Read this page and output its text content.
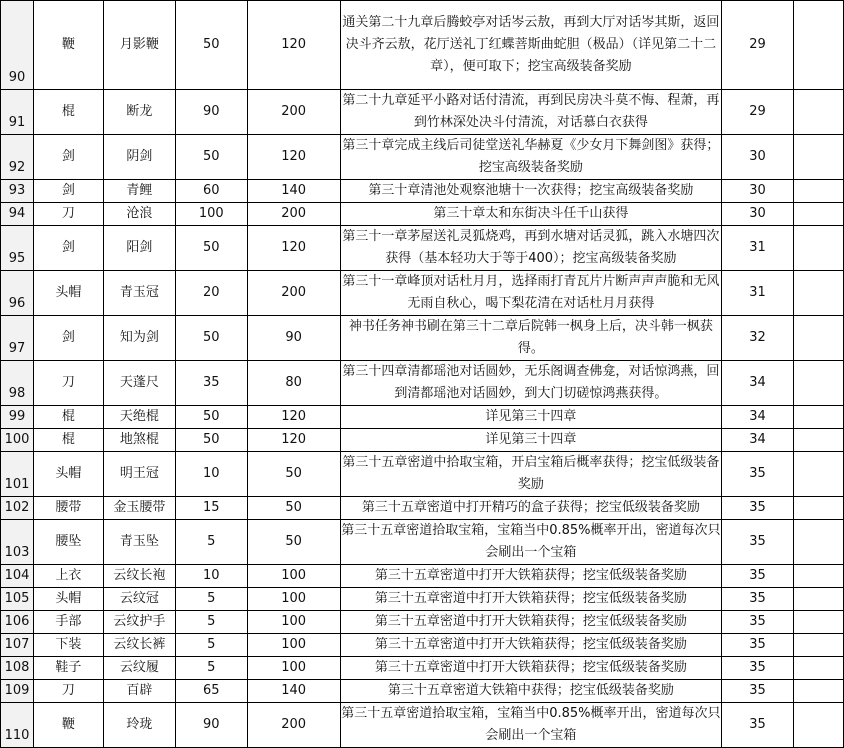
90	鞭	月影鞭	50	120	通关第二十九章后腾蛟亭对话岑云敖，再到大厅对话岑其斯，返回决斗齐云敖，花厅送礼丁红蝶菩斯曲蛇胆（极品）（详见第二十二章），便可取下；挖宝高级装备奖励	29	
91	棍	断龙	90	200	第二十九章延平小路对话付清流，再到民房决斗莫不悔、程萧，再到竹林深处决斗付清流，对话慕白衣获得	29	
92	剑	阴剑	50	120	第三十章完成主线后司徒堂送礼华赫夏《少女月下舞剑图》获得；挖宝高级装备奖励	30	
93	剑	青鲤	60	140	第三十章清池处观察池塘十一次获得；挖宝高级装备奖励	30	
94	刀	沧浪	100	200	第三十章太和东街决斗任千山获得	30	
95	剑	阳剑	50	120	第三十一章茅屋送礼灵狐烧鸡，再到水塘对话灵狐，跳入水塘四次获得（基本轻功大于等于400）；挖宝高级装备奖励	31	
96	头帽	青玉冠	20	200	第三十一章峰顶对话杜月月，选择雨打青瓦片片断声声声脆和无风无雨自秋心，喝下梨花清在对话杜月月获得	31	
97	剑	知为剑	50	90	神书任务神书刷在第三十二章后院韩一枫身上后，决斗韩一枫获得。	32	
98	刀	天蓬尺	35	80	第三十四章清都瑶池对话圆妙，无乐阁调查佛龛，对话惊鸿燕，回到清都瑶池对话圆妙，到大门切磋惊鸿燕获得。	34	
99	棍	天绝棍	50	120	详见第三十四章	34	
100	棍	地煞棍	50	120	详见第三十四章	34	
101	头帽	明王冠	10	50	第三十五章密道中拾取宝箱，开启宝箱后概率获得；挖宝低级装备奖励	35	
102	腰带	金玉腰带	15	50	第三十五章密道中打开精巧的盒子获得；挖宝低级装备奖励	35	
103	腰坠	青玉坠	5	50	第三十五章密道拾取宝箱，宝箱当中0.85%概率开出，密道每次只会刷出一个宝箱	35	
104	上衣	云纹长袍	10	100	第三十五章密道中打开大铁箱获得；挖宝低级装备奖励	35	
105	头帽	云纹冠	5	100	第三十五章密道中打开大铁箱获得；挖宝低级装备奖励	35	
106	手部	云纹护手	5	100	第三十五章密道中打开大铁箱获得；挖宝低级装备奖励	35	
107	下装	云纹长裤	5	100	第三十五章密道中打开大铁箱获得；挖宝低级装备奖励	35	
108	鞋子	云纹履	5	100	第三十五章密道中打开大铁箱获得；挖宝低级装备奖励	35	
109	刀	百辟	65	140	第三十五章密道大铁箱中获得；挖宝低级装备奖励	35	
110	鞭	玲珑	90	200	第三十五章密道拾取宝箱，宝箱当中0.85%概率开出，密道每次只会刷出一个宝箱	35	
